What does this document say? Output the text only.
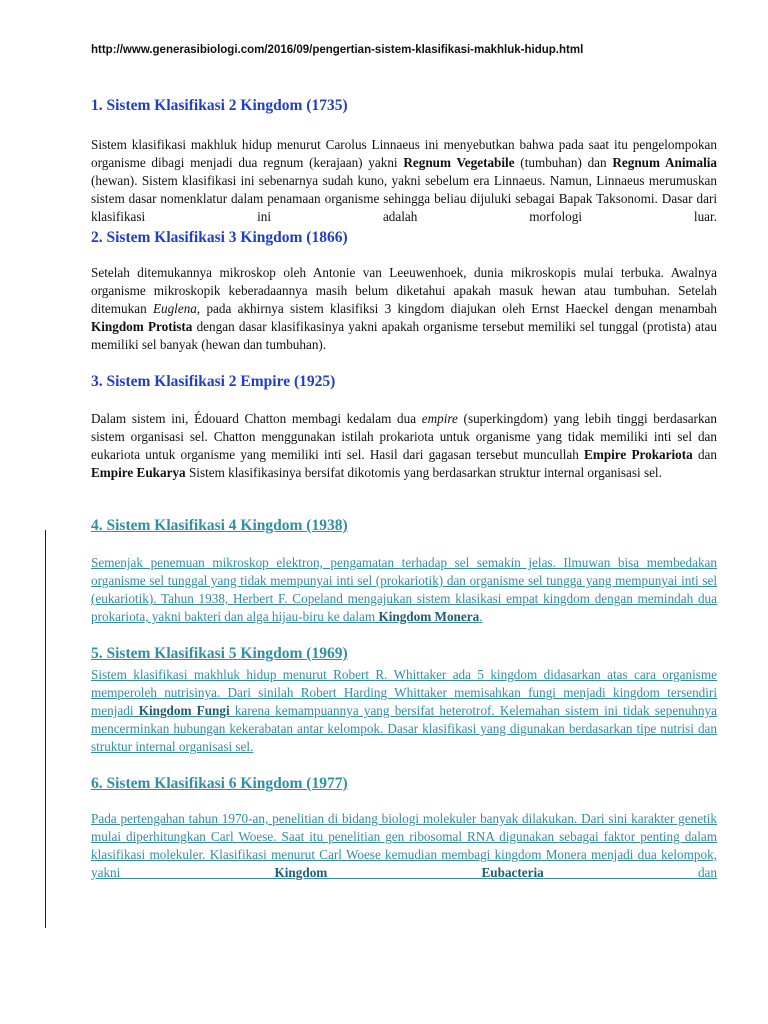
http://www.generasibiologi.com/2016/09/pengertian-sistem-klasifikasi-makhluk-hidup.html
1. Sistem Klasifikasi 2 Kingdom (1735)

Sistem klasifikasi makhluk hidup menurut Carolus Linnaeus ini menyebutkan bahwa pada saat itu pengelompokan organisme dibagi menjadi dua regnum (kerajaan) yakni Regnum Vegetabile (tumbuhan) dan Regnum Animalia (hewan). Sistem klasifikasi ini sebenarnya sudah kuno, yakni sebelum era Linnaeus. Namun, Linnaeus merumuskan sistem dasar nomenklatur dalam penamaan organisme sehingga beliau dijuluki sebagai Bapak Taksonomi. Dasar dari klasifikasi ini adalah morfologi luar.

2. Sistem Klasifikasi 3 Kingdom (1866)

Setelah ditemukannya mikroskop oleh Antonie van Leeuwenhoek, dunia mikroskopis mulai terbuka. Awalnya organisme mikroskopik keberadaannya masih belum diketahui apakah masuk hewan atau tumbuhan. Setelah ditemukan Euglena, pada akhirnya sistem klasifiksi 3 kingdom diajukan oleh Ernst Haeckel dengan menambah Kingdom Protista dengan dasar klasifikasinya yakni apakah organisme tersebut memiliki sel tunggal (protista) atau memiliki sel banyak (hewan dan tumbuhan).

3. Sistem Klasifikasi 2 Empire (1925)

Dalam sistem ini, Édouard Chatton membagi kedalam dua empire (superkingdom) yang lebih tinggi berdasarkan sistem organisasi sel. Chatton menggunakan istilah prokariota untuk organisme yang tidak memiliki inti sel dan eukariota untuk organisme yang memiliki inti sel. Hasil dari gagasan tersebut muncullah Empire Prokariota dan Empire Eukarya Sistem klasifikasinya bersifat dikotomis yang berdasarkan struktur internal organisasi sel.

4. Sistem Klasifikasi 4 Kingdom (1938)

Semenjak penemuan mikroskop elektron, pengamatan terhadap sel semakin jelas. Ilmuwan bisa membedakan organisme sel tunggal yang tidak mempunyai inti sel (prokariotik) dan organisme sel tungga yang mempunyai inti sel (eukariotik). Tahun 1938, Herbert F. Copeland mengajukan sistem klasikasi empat kingdom dengan memindah dua prokariota, yakni bakteri dan alga hijau-biru ke dalam Kingdom Monera.

5. Sistem Klasifikasi 5 Kingdom (1969)

Sistem klasifikasi makhluk hidup menurut Robert R. Whittaker ada 5 kingdom didasarkan atas cara organisme memperoleh nutrisinya. Dari sinilah Robert Harding Whittaker memisahkan fungi menjadi kingdom tersendiri menjadi Kingdom Fungi karena kemampuannya yang bersifat heterotrof. Kelemahan sistem ini tidak sepenuhnya mencerminkan hubungan kekerabatan antar kelompok. Dasar klasifikasi yang digunakan berdasarkan tipe nutrisi dan struktur internal organisasi sel.

6. Sistem Klasifikasi 6 Kingdom (1977)

Pada pertengahan tahun 1970-an, penelitian di bidang biologi molekuler banyak dilakukan. Dari sini karakter genetik mulai diperhitungkan Carl Woese. Saat itu penelitian gen ribosomal RNA digunakan sebagai faktor penting dalam klasifikasi molekuler. Klasifikasi menurut Carl Woese kemudian membagi kingdom Monera menjadi dua kelompok, yakni Kingdom Eubacteria dan
